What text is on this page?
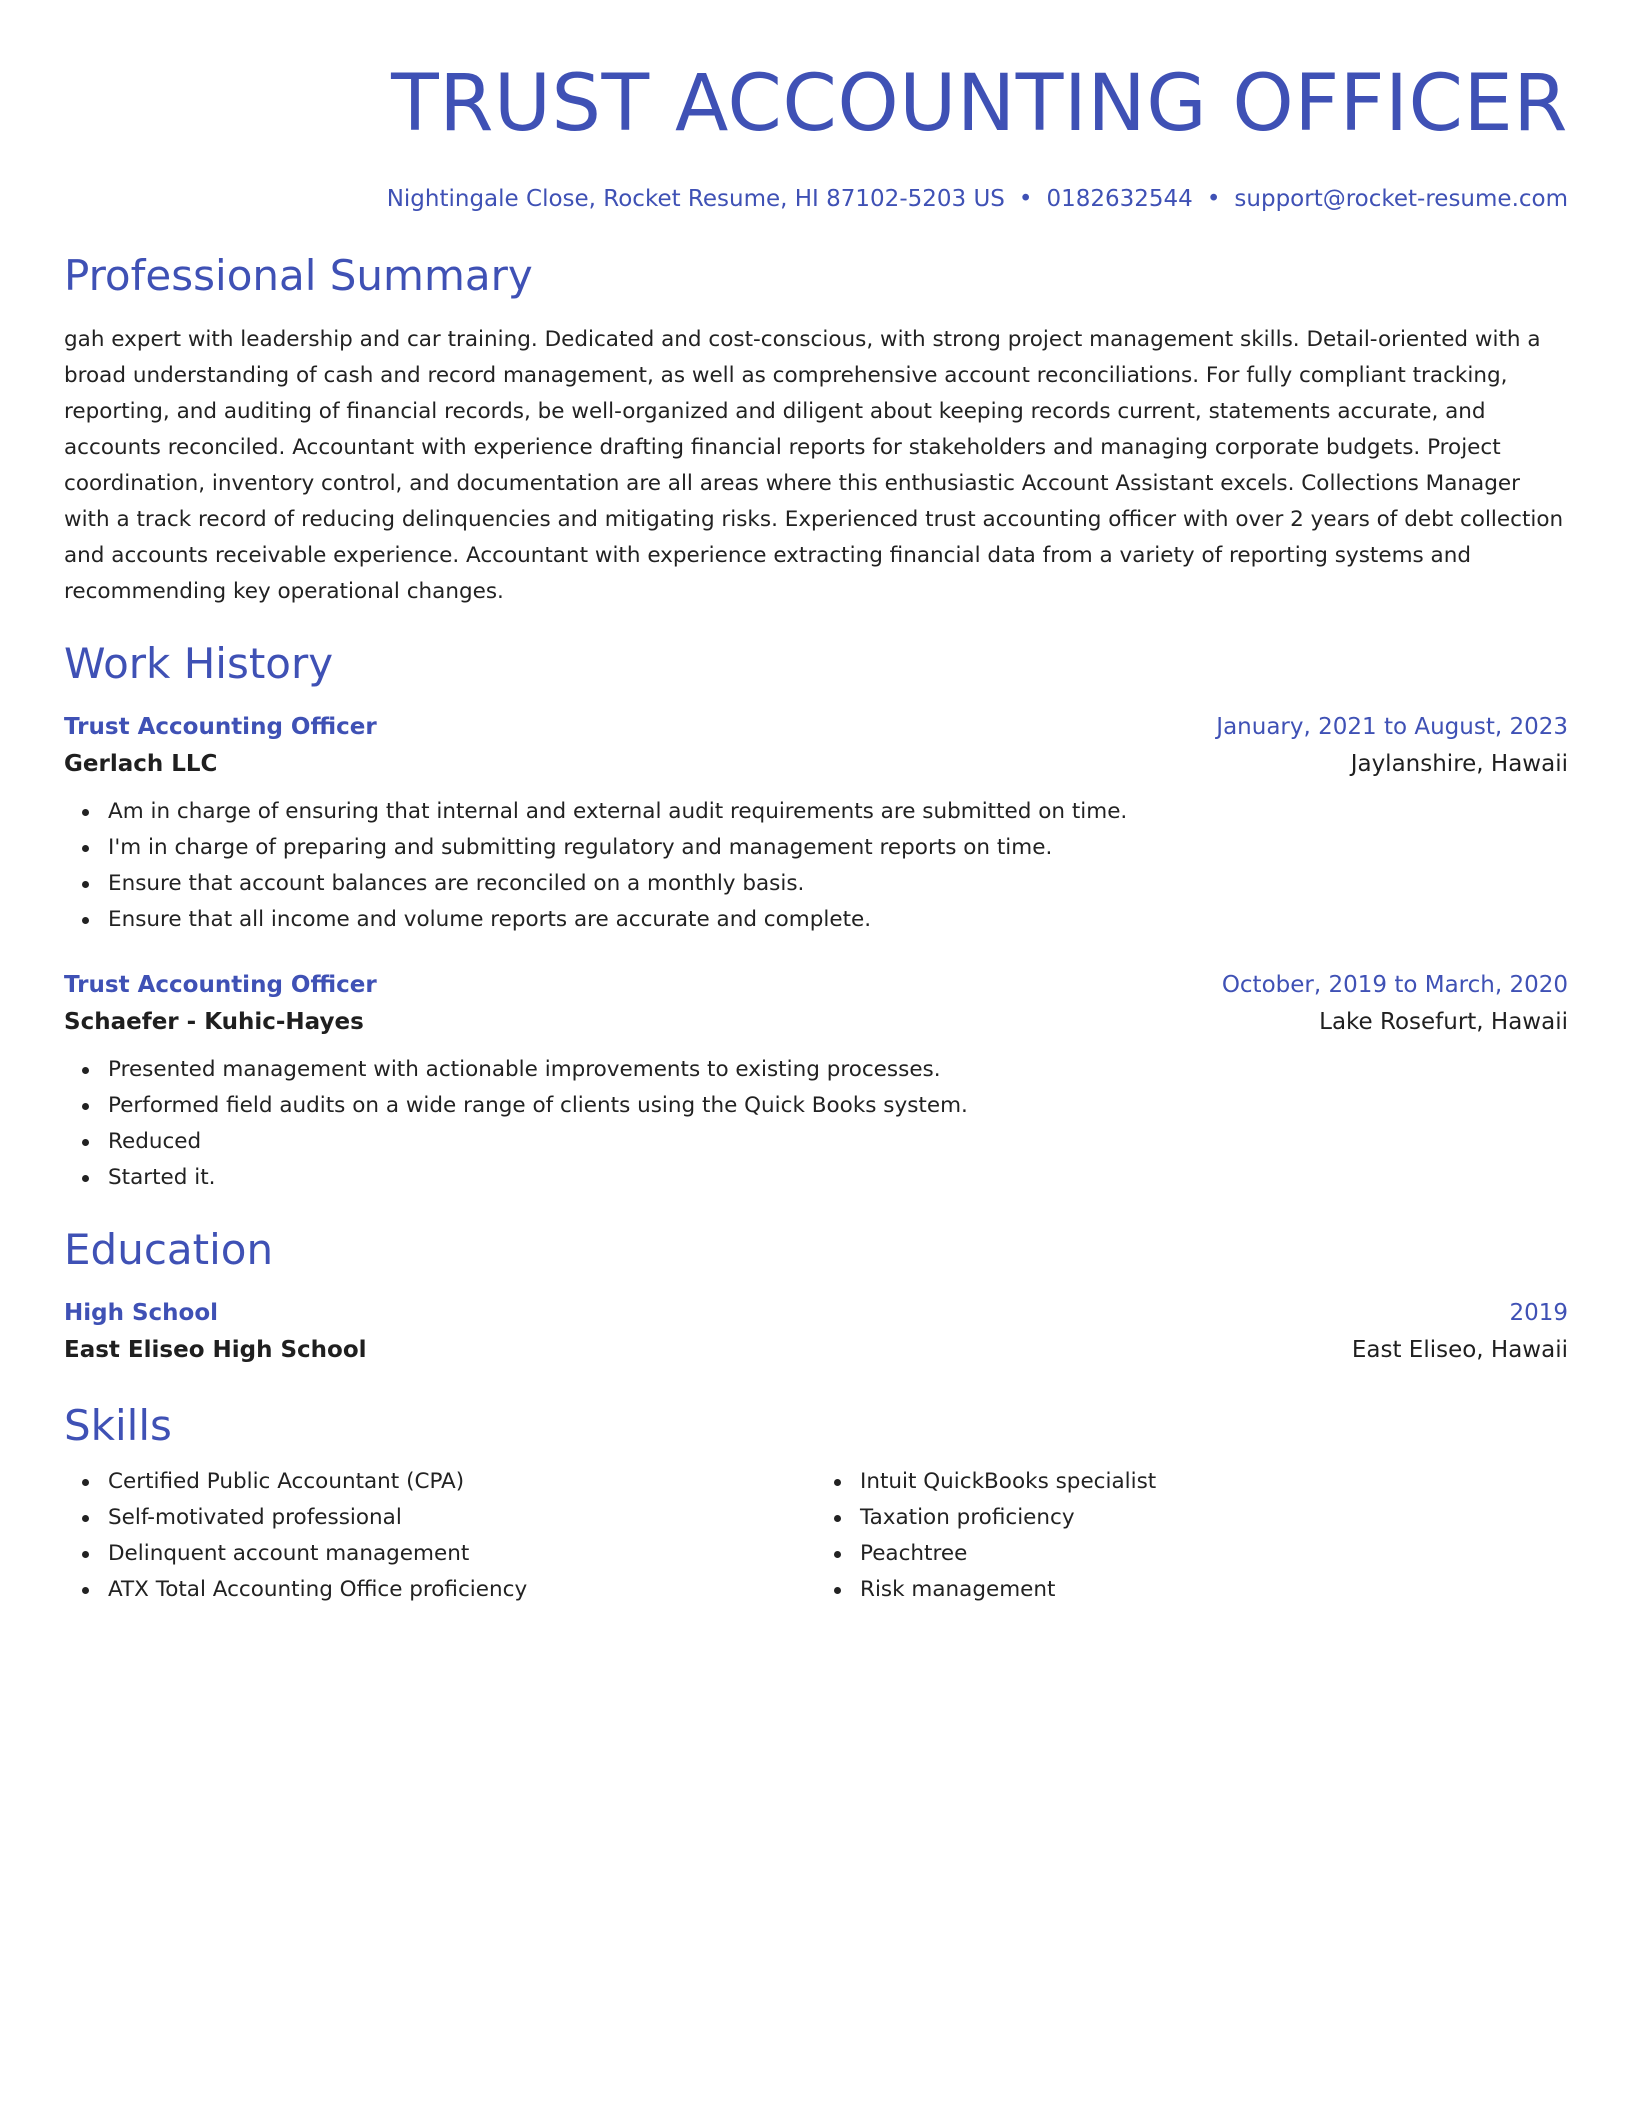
TRUST ACCOUNTING OFFICER
Nightingale Close, Rocket Resume, HI 87102-5203 US • 0182632544 • support@rocket-resume.com
Professional Summary

gah expert with leadership and car training. Dedicated and cost-conscious, with strong project management skills. Detail-oriented with a broad understanding of cash and record management, as well as comprehensive account reconciliations. For fully compliant tracking, reporting, and auditing of financial records, be well-organized and diligent about keeping records current, statements accurate, and accounts reconciled. Accountant with experience drafting financial reports for stakeholders and managing corporate budgets. Project coordination, inventory control, and documentation are all areas where this enthusiastic Account Assistant excels. Collections Manager with a track record of reducing delinquencies and mitigating risks. Experienced trust accounting officer with over 2 years of debt collection and accounts receivable experience. Accountant with experience extracting financial data from a variety of reporting systems and recommending key operational changes.

Work History
Trust Accounting Officer	January, 2021 to August, 2023
Gerlach LLC	Jaylanshire, Hawaii
Am in charge of ensuring that internal and external audit requirements are submitted on time.
I'm in charge of preparing and submitting regulatory and management reports on time.
Ensure that account balances are reconciled on a monthly basis.
Ensure that all income and volume reports are accurate and complete.
Trust Accounting Officer	October, 2019 to March, 2020
Schaefer - Kuhic-Hayes	Lake Rosefurt, Hawaii
Presented management with actionable improvements to existing processes.
Performed field audits on a wide range of clients using the Quick Books system.
Reduced
Started it.
Education
High School	2019
East Eliseo High School	East Eliseo, Hawaii
Skills
Certified Public Accountant (CPA)
Self-motivated professional
Delinquent account management
ATX Total Accounting Office proficiency
Intuit QuickBooks specialist
Taxation proficiency
Peachtree
Risk management
